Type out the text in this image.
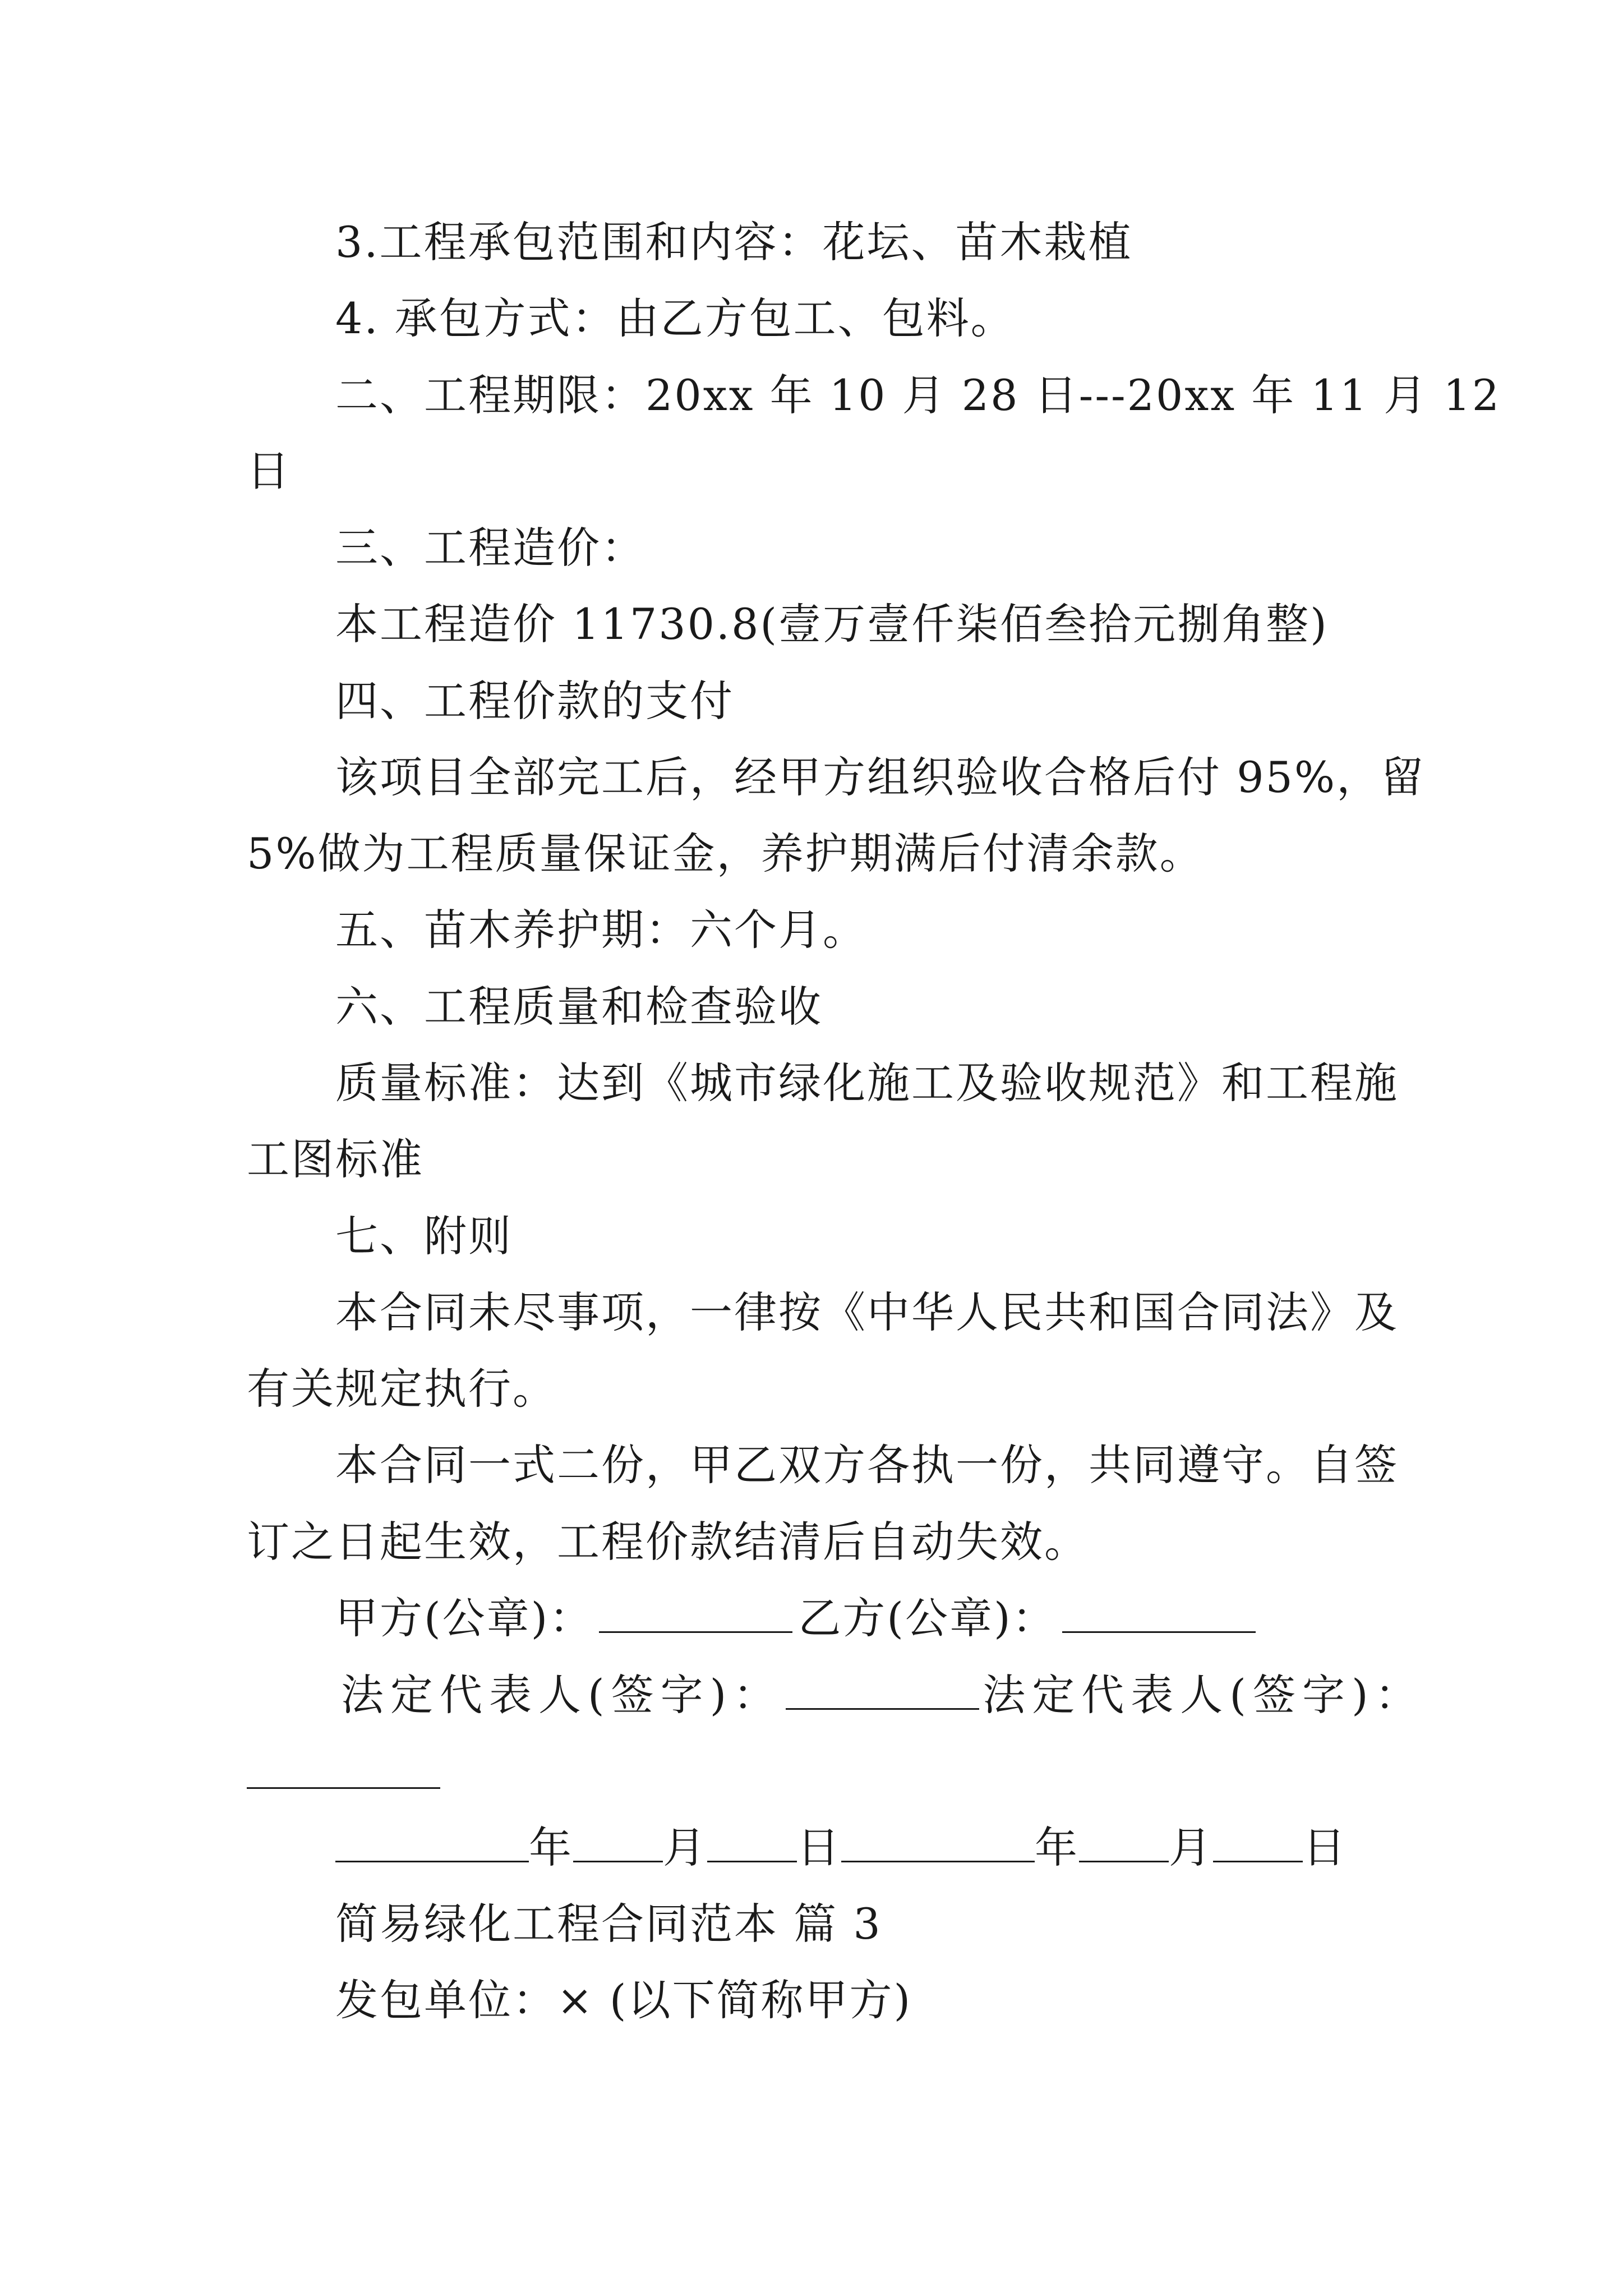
3.工程承包范围和内容：花坛、苗木栽植
4. 承包方式：由乙方包工、包料。
二、工程期限：20xx 年 10 月 28 日---20xx 年 11 月 12
日
三、工程造价：
本工程造价 11730.8(壹万壹仟柒佰叁拾元捌角整)
四、工程价款的支付
该项目全部完工后，经甲方组织验收合格后付 95%，留
5%做为工程质量保证金，养护期满后付清余款。
五、苗木养护期：六个月。
六、工程质量和检查验收
质量标准：达到《城市绿化施工及验收规范》和工程施
工图标准
七、附则
本合同未尽事项，一律按《中华人民共和国合同法》及
有关规定执行。
本合同一式二份，甲乙双方各执一份，共同遵守。自签
订之日起生效，工程价款结清后自动失效。
甲方(公章)：	乙方(公章)：
法定代表人(签字)：	法定代表人(签字)：
年 月 日	年 月 日
简易绿化工程合同范本 篇 3
发包单位：× (以下简称甲方)
